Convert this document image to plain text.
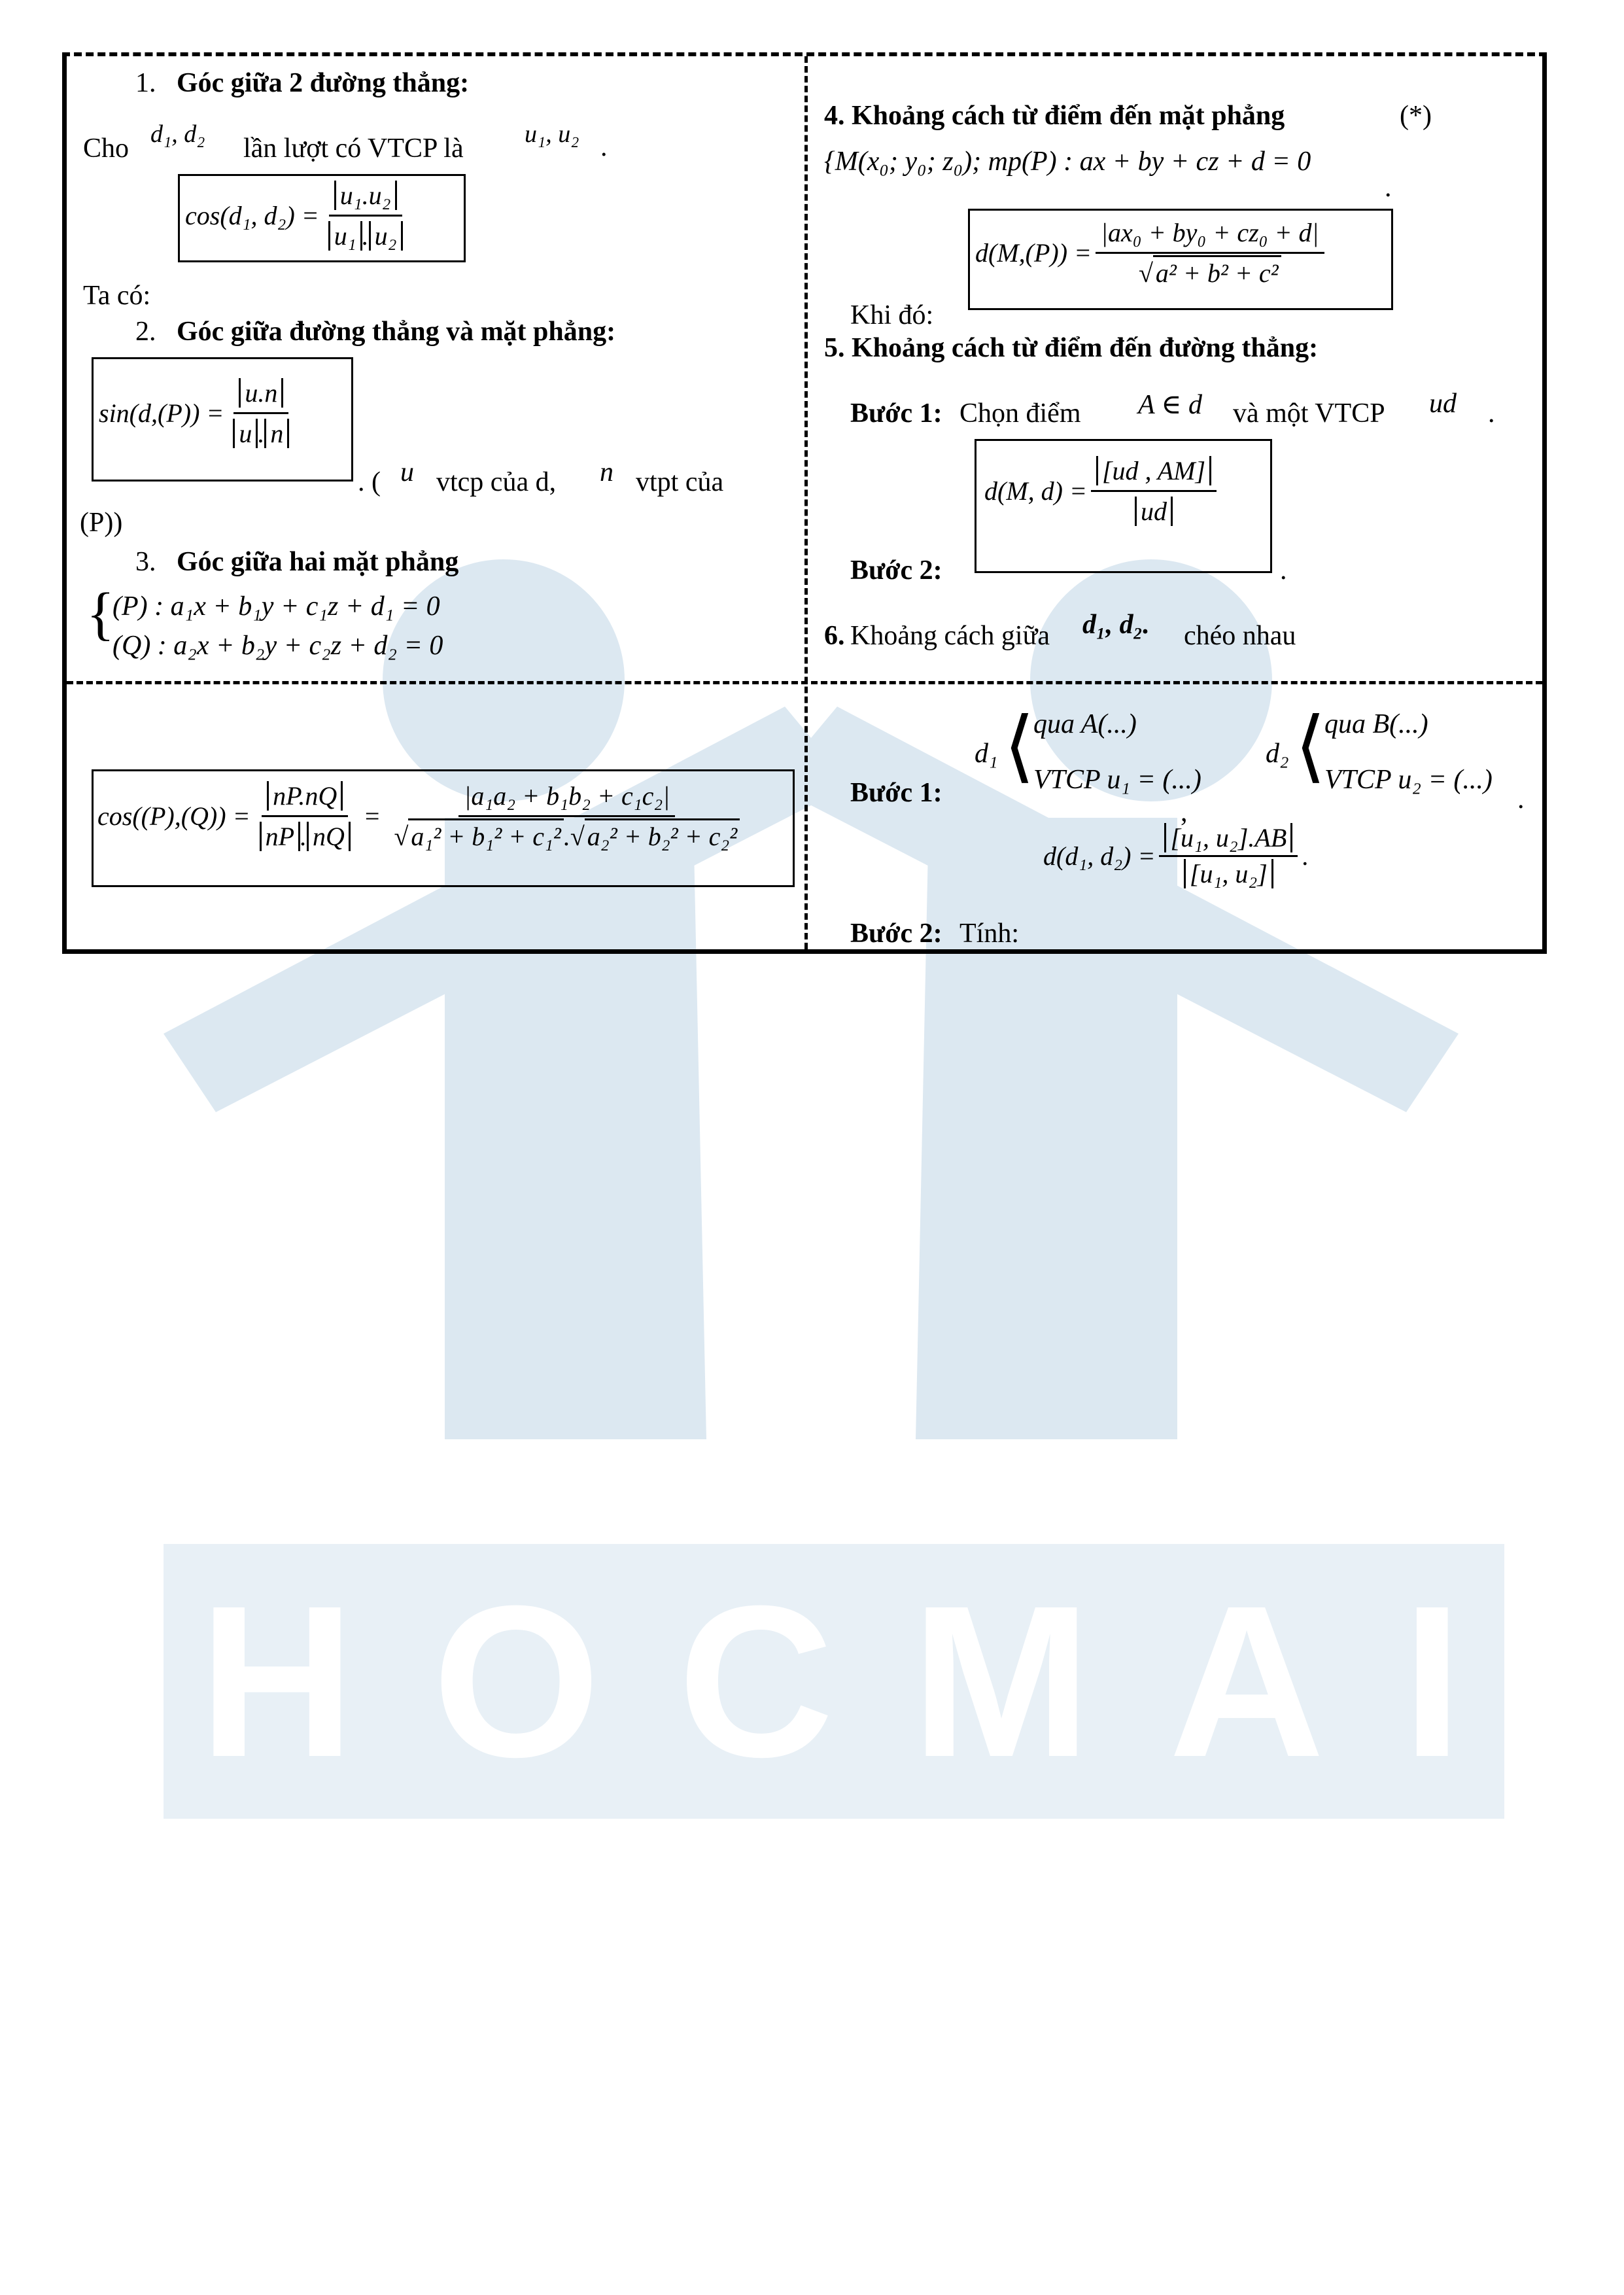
H O C M A I
1. Góc giữa 2 đường thẳng:
Cho d₁, d₂ lần lượt có VTCP là u₁, u₂ .
cos(d₁, $d_2) = \frac{\text{u₁.u₂}}{\text{u₁ . u₂}}$
Ta có:
2. Góc giữa đường thẳng và mặt phẳng:
$\sin(d,(P)) = \frac{u.n}{u . n}$
. ( u vtcp của d, n vtpt của
(P))
3. Góc giữa hai mặt phẳng
{
(P) : a₁x + b₁y + c₁z + d₁ = 0
(Q) : a₂x + b₂y + c₂z + d₂ = 0
4. Khoảng cách từ điểm đến mặt phẳng	(*)
{M(x₀; y₀; z₀); mp(P) : ax + by + cz + d = 0
.
$d(M,(P)) = \frac{\text{|ax₀ + by₀ + cz₀ + d|}}{\text{√ a² + b² + c²}}$
Khi đó:
5. Khoảng cách từ điểm đến đường thẳng:
Bước 1: Chọn điểm A ∈ d và một VTCP ud .
d(M, $d) = \frac{[ud , AM]}{ud}$
Bước 2:	.
6. Khoảng cách giữa d₁, d₂. chéo nhau
$\cos((P),(Q)) = \frac{nP.nQ}{nP . nQ} = \frac{\text{|a₁a₂ + b₁b₂ + c₁c₂|}}{\text{√ a₁² + b₁² + c₁² .√ a₂² + b₂² + c₂²}}$	Bước 1:
d₁ ⟨
qua A(...)
VTCP u₁ = (...)
d₂ ⟨
qua B(...)
VTCP u₂ = (...)
,	.
d(d₁, $d_2) = \frac{\text{[u₁, u₂].AB}}{\text{[u₁, u₂]}}$ .
Bước 2: Tính:
